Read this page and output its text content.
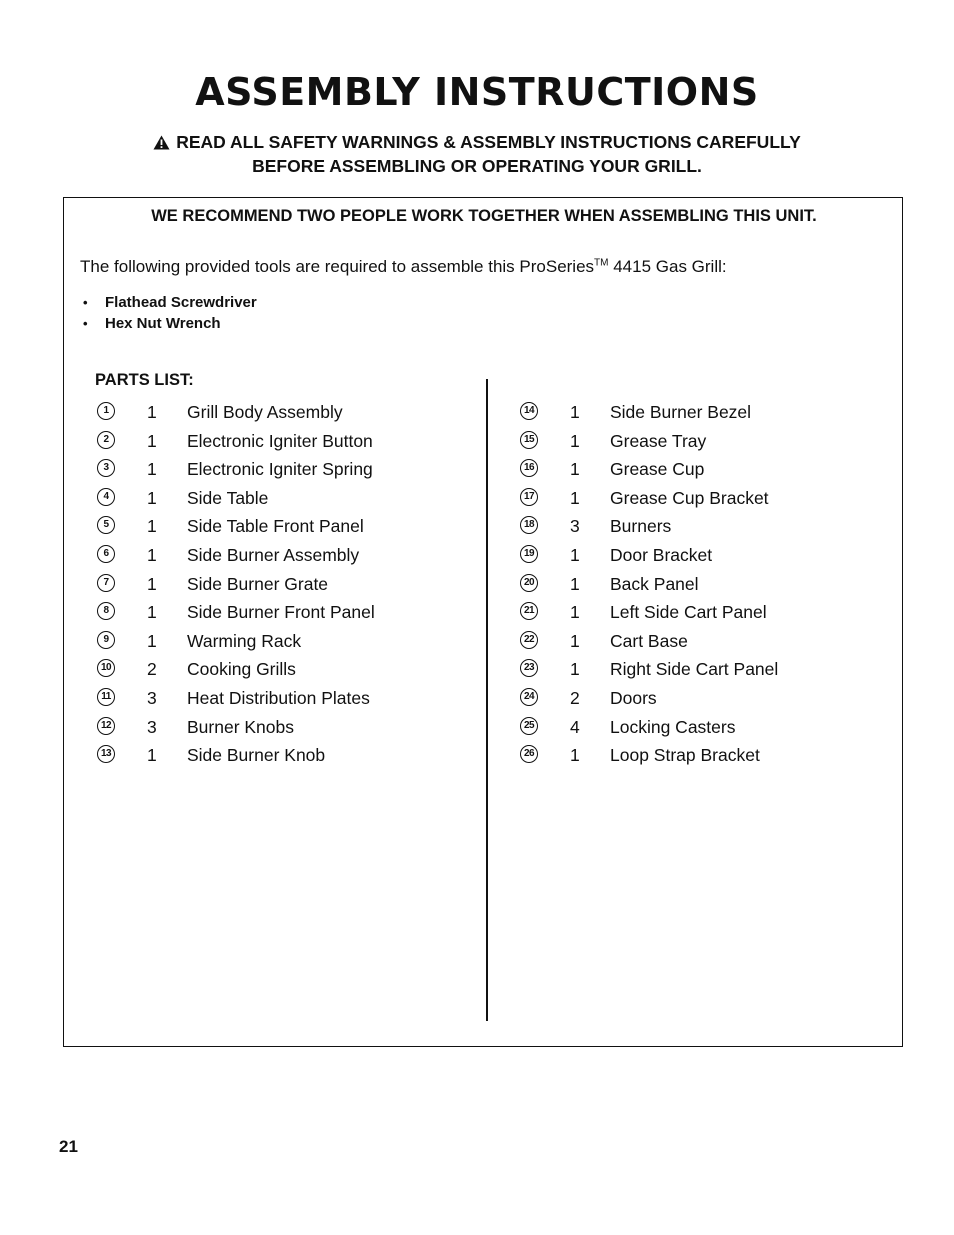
ASSEMBLY INSTRUCTIONS
READ ALL SAFETY WARNINGS & ASSEMBLY INSTRUCTIONS CAREFULLY
BEFORE ASSEMBLING OR OPERATING YOUR GRILL.
WE RECOMMEND TWO PEOPLE WORK TOGETHER WHEN ASSEMBLING THIS UNIT.
The following provided tools are required to assemble this ProSeries™ 4415 Gas Grill:
• Flathead Screwdriver
• Hex Nut Wrench
PARTS LIST:
1	1 Grill Body Assembly
2	1 Electronic Igniter Button
3	1 Electronic Igniter Spring
4	1 Side Table
5	1 Side Table Front Panel
6	1 Side Burner Assembly
7	1 Side Burner Grate
8	1 Side Burner Front Panel
9	1 Warming Rack
10 2 Cooking Grills
11 3 Heat Distribution Plates
12 3 Burner Knobs
13 1 Side Burner Knob
14 1 Side Burner Bezel
15 1 Grease Tray
16 1 Grease Cup
17 1 Grease Cup Bracket
18 3 Burners
19 1 Door Bracket
20 1 Back Panel
21 1 Left Side Cart Panel
22 1 Cart Base
23 1 Right Side Cart Panel
24 2 Doors
25 4 Locking Casters
26 1 Loop Strap Bracket
21
